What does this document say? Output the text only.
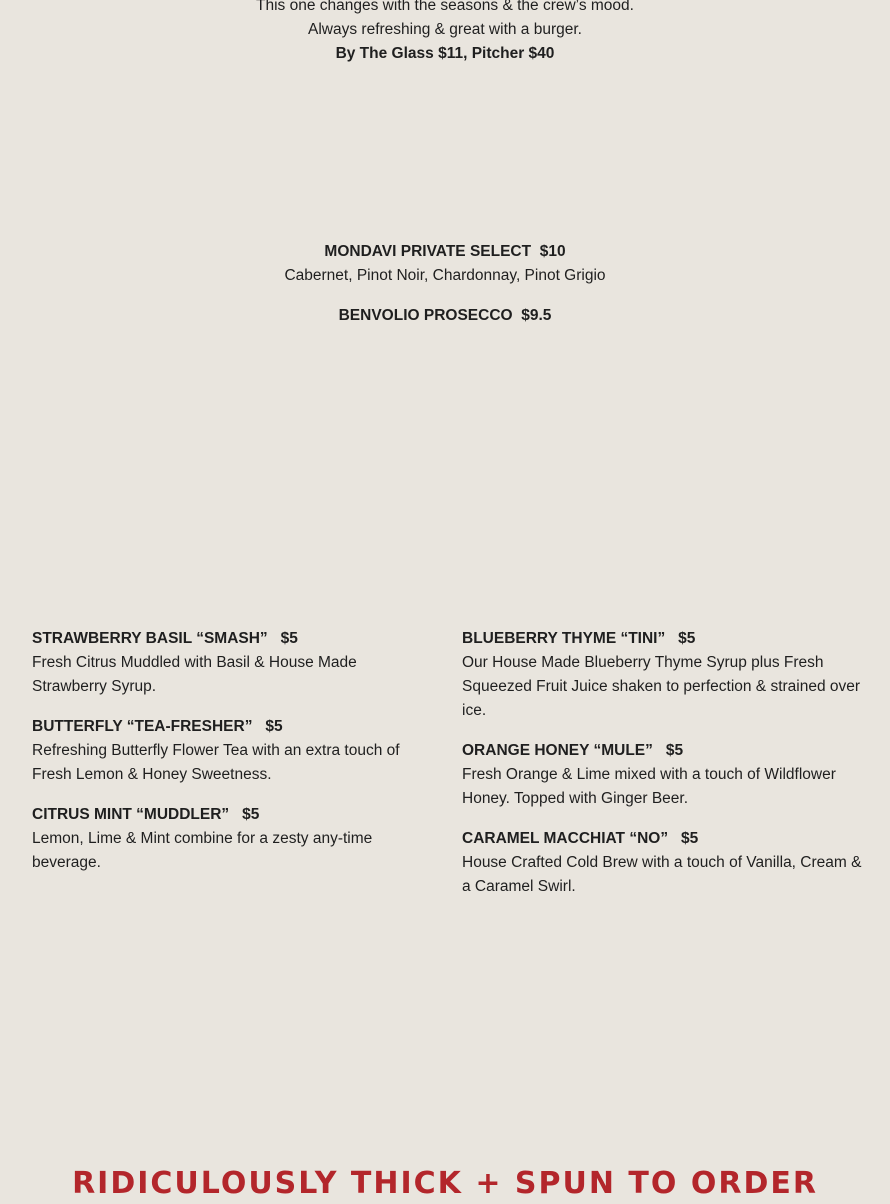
This one changes with the seasons & the crew’s mood.
Always refreshing & great with a burger.
By The Glass $11, Pitcher $40
MONDAVI PRIVATE SELECT $10
Cabernet, Pinot Noir, Chardonnay, Pinot Grigio
BENVOLIO PROSECCO $9.5
STRAWBERRY BASIL “SMASH” $5
Fresh Citrus Muddled with Basil & House Made Strawberry Syrup.
BUTTERFLY “TEA-FRESHER” $5
Refreshing Butterfly Flower Tea with an extra touch of Fresh Lemon & Honey Sweetness.
CITRUS MINT “MUDDLER” $5
Lemon, Lime & Mint combine for a zesty any-time beverage.
BLUEBERRY THYME “TINI” $5
Our House Made Blueberry Thyme Syrup plus Fresh Squeezed Fruit Juice shaken to perfection & strained over ice.
ORANGE HONEY “MULE” $5
Fresh Orange & Lime mixed with a touch of Wildflower Honey. Topped with Ginger Beer.
CARAMEL MACCHIAT “NO” $5
House Crafted Cold Brew with a touch of Vanilla, Cream & a Caramel Swirl.
RIDICULOUSLY THICK + SPUN TO ORDER
